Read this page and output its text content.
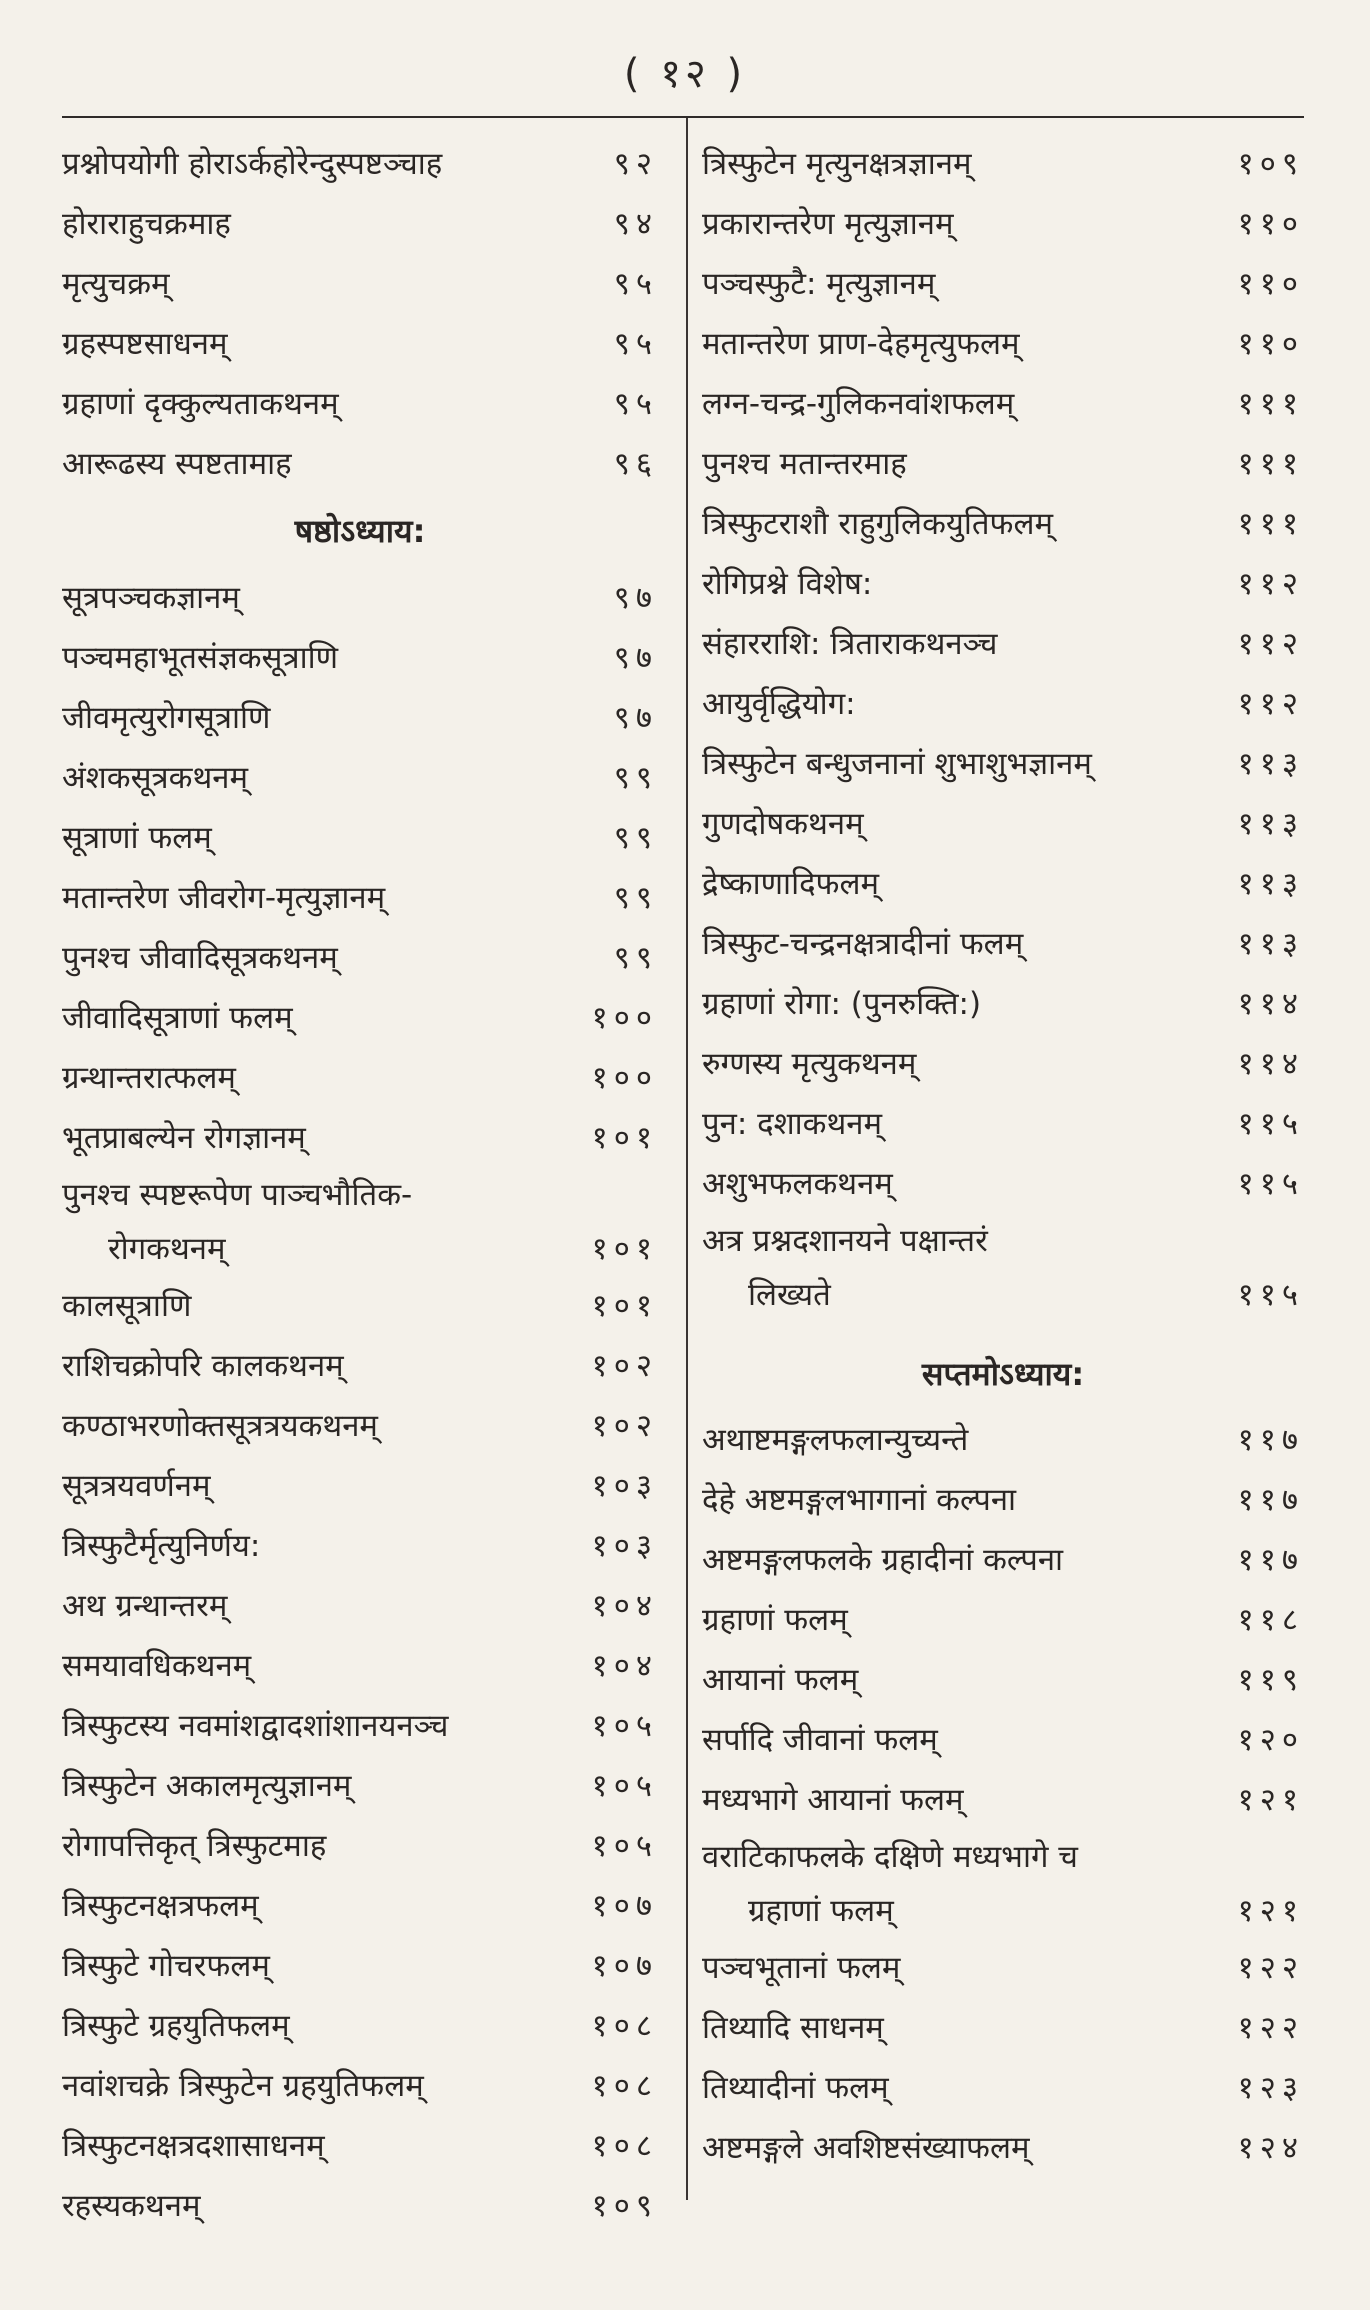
( १२ )
प्रश्नोपयोगी होराऽर्कहोरेन्दुस्पष्टञ्चाह	९२
होराराहुचक्रमाह	९४
मृत्युचक्रम्	९५
ग्रहस्पष्टसाधनम्	९५
ग्रहाणां दृक्कुल्यताकथनम्	९५
आरूढस्य स्पष्टतामाह	९६
षष्ठोऽध्याय:
सूत्रपञ्चकज्ञानम्	९७
पञ्चमहाभूतसंज्ञकसूत्राणि	९७
जीवमृत्युरोगसूत्राणि	९७
अंशकसूत्रकथनम्	९९
सूत्राणां फलम्	९९
मतान्तरेण जीवरोग-मृत्युज्ञानम्	९९
पुनश्च जीवादिसूत्रकथनम्	९९
जीवादिसूत्राणां फलम्	१००
ग्रन्थान्तरात्फलम्	१००
भूतप्राबल्येन रोगज्ञानम्	१०१
पुनश्च स्पष्टरूपेण पाञ्चभौतिक-
रोगकथनम्	१०१
कालसूत्राणि	१०१
राशिचक्रोपरि कालकथनम्	१०२
कण्ठाभरणोक्तसूत्रत्रयकथनम्	१०२
सूत्रत्रयवर्णनम्	१०३
त्रिस्फुटैर्मृत्युनिर्णय:	१०३
अथ ग्रन्थान्तरम्	१०४
समयावधिकथनम्	१०४
त्रिस्फुटस्य नवमांशद्वादशांशानयनञ्च	१०५
त्रिस्फुटेन अकालमृत्युज्ञानम्	१०५
रोगापत्तिकृत् त्रिस्फुटमाह	१०५
त्रिस्फुटनक्षत्रफलम्	१०७
त्रिस्फुटे गोचरफलम्	१०७
त्रिस्फुटे ग्रहयुतिफलम्	१०८
नवांशचक्रे त्रिस्फुटेन ग्रहयुतिफलम्	१०८
त्रिस्फुटनक्षत्रदशासाधनम्	१०८
रहस्यकथनम्	१०९
त्रिस्फुटेन मृत्युनक्षत्रज्ञानम्	१०९
प्रकारान्तरेण मृत्युज्ञानम्	११०
पञ्चस्फुटै: मृत्युज्ञानम्	११०
मतान्तरेण प्राण-देहमृत्युफलम्	११०
लग्न-चन्द्र-गुलिकनवांशफलम्	१११
पुनश्च मतान्तरमाह	१११
त्रिस्फुटराशौ राहुगुलिकयुतिफलम्	१११
रोगिप्रश्ने विशेष:	११२
संहारराशि: त्रिताराकथनञ्च	११२
आयुर्वृद्धियोग:	११२
त्रिस्फुटेन बन्धुजनानां शुभाशुभज्ञानम्	११३
गुणदोषकथनम्	११३
द्रेष्काणादिफलम्	११३
त्रिस्फुट-चन्द्रनक्षत्रादीनां फलम्	११३
ग्रहाणां रोगा: (पुनरुक्ति:)	११४
रुग्णस्य मृत्युकथनम्	११४
पुन: दशाकथनम्	११५
अशुभफलकथनम्	११५
अत्र प्रश्नदशानयने पक्षान्तरं
लिख्यते	११५
सप्तमोऽध्याय:
अथाष्टमङ्गलफलान्युच्यन्ते	११७
देहे अष्टमङ्गलभागानां कल्पना	११७
अष्टमङ्गलफलके ग्रहादीनां कल्पना	११७
ग्रहाणां फलम्	११८
आयानां फलम्	११९
सर्पादि जीवानां फलम्	१२०
मध्यभागे आयानां फलम्	१२१
वराटिकाफलके दक्षिणे मध्यभागे च
ग्रहाणां फलम्	१२१
पञ्चभूतानां फलम्	१२२
तिथ्यादि साधनम्	१२२
तिथ्यादीनां फलम्	१२३
अष्टमङ्गले अवशिष्टसंख्याफलम्	१२४
